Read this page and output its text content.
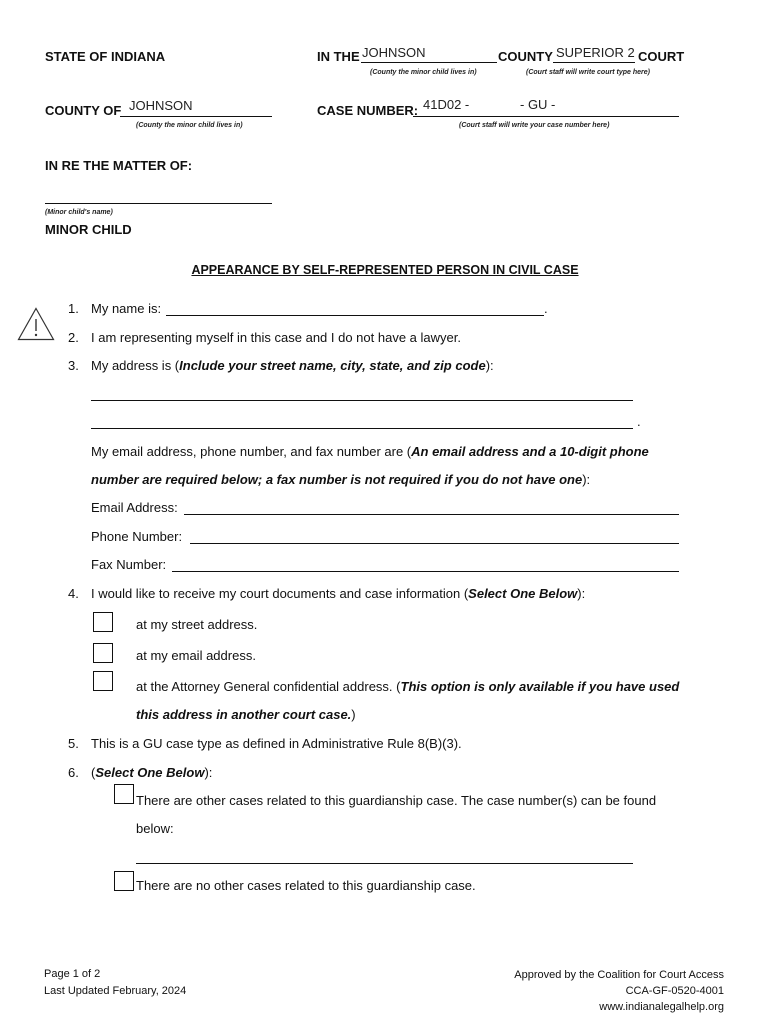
STATE OF INDIANA	IN THE JOHNSON	COUNTY SUPERIOR 2 COURT
(County the minor child lives in)	(Court staff will write court type here)
COUNTY OF JOHNSON
(County the minor child lives in)
CASE NUMBER: 41D02 -	- GU -
(Court staff will write your case number here)
IN RE THE MATTER OF:
(Minor child's name)
MINOR CHILD
APPEARANCE BY SELF-REPRESENTED PERSON IN CIVIL CASE
1. My name is:	.
2. I am representing myself in this case and I do not have a lawyer.
3. My address is (Include your street name, city, state, and zip code):
.
My email address, phone number, and fax number are (An email address and a 10-digit phone
number are required below; a fax number is not required if you do not have one):
Email Address:
Phone Number:
Fax Number:
4. I would like to receive my court documents and case information (Select One Below):
at my street address.
at my email address.
at the Attorney General confidential address. (This option is only available if you have used
this address in another court case.)
5. This is a GU case type as defined in Administrative Rule 8(B)(3).
6. (Select One Below):
There are other cases related to this guardianship case. The case number(s) can be found
below:
There are no other cases related to this guardianship case.
Page 1 of 2
Last Updated February, 2024
Approved by the Coalition for Court Access
CCA-GF-0520-4001
www.indianalegalhelp.org
